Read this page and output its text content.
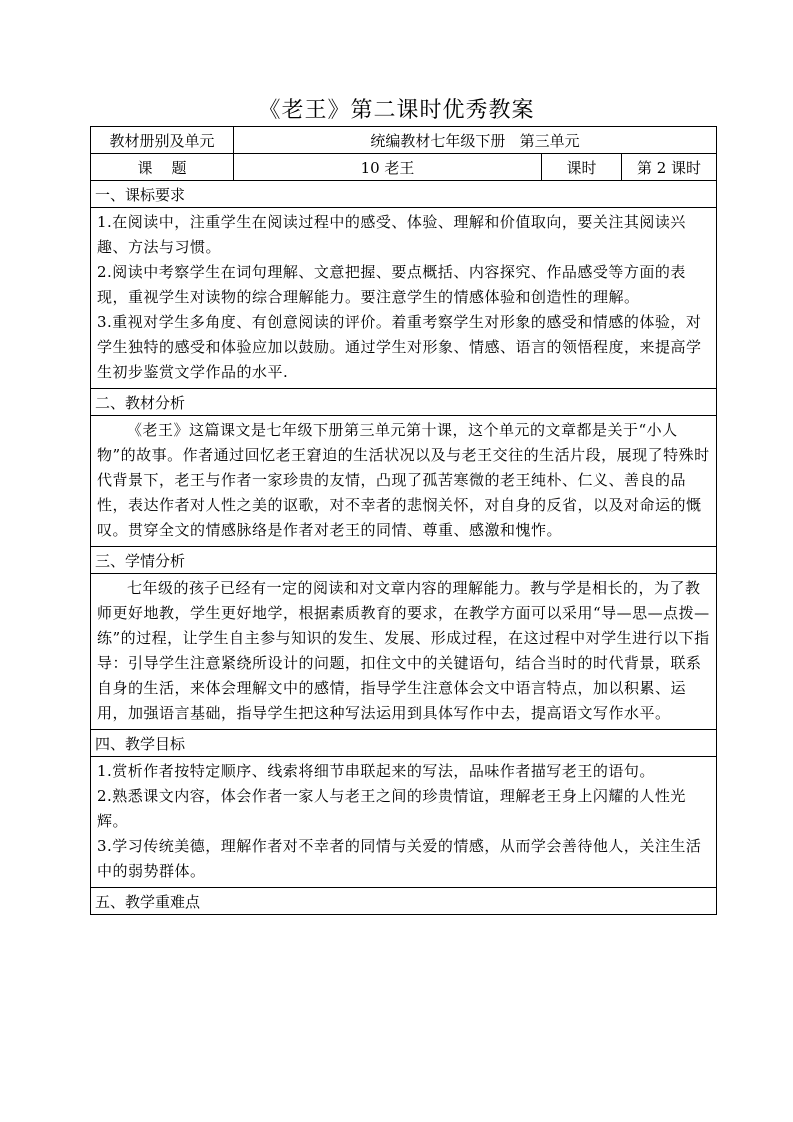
《老王》第二课时优秀教案
教材册别及单元	统编教材七年级下册   第三单元		
课    题	10 老王	课时	第 2 课时
一、课标要求			

1.在阅读中，注重学生在阅读过程中的感受、体验、理解和价值取向，要关注其阅读兴趣、方法与习惯。

2.阅读中考察学生在词句理解、文意把握、要点概括、内容探究、作品感受等方面的表现，重视学生对读物的综合理解能力。要注意学生的情感体验和创造性的理解。

3.重视对学生多角度、有创意阅读的评价。着重考察学生对形象的感受和情感的体验，对学生独特的感受和体验应加以鼓励。通过学生对形象、情感、语言的领悟程度，来提高学生初步鉴赏文学作品的水平.			

二、教材分析			

《老王》这篇课文是七年级下册第三单元第十课，这个单元的文章都是关于“小人物”的故事。作者通过回忆老王窘迫的生活状况以及与老王交往的生活片段，展现了特殊时代背景下，老王与作者一家珍贵的友情，凸现了孤苦寒微的老王纯朴、仁义、善良的品性，表达作者对人性之美的讴歌，对不幸者的悲悯关怀，对自身的反省，以及对命运的慨叹。贯穿全文的情感脉络是作者对老王的同情、尊重、感激和愧怍。			

三、学情分析			

七年级的孩子已经有一定的阅读和对文章内容的理解能力。教与学是相长的，为了教师更好地教，学生更好地学，根据素质教育的要求，在教学方面可以采用“导—思—点拨—练”的过程，让学生自主参与知识的发生、发展、形成过程，在这过程中对学生进行以下指导：引导学生注意紧绕所设计的问题，扣住文中的关键语句，结合当时的时代背景，联系自身的生活，来体会理解文中的感情，指导学生注意体会文中语言特点，加以积累、运用，加强语言基础，指导学生把这种写法运用到具体写作中去，提高语文写作水平。			

四、教学目标			

1.赏析作者按特定顺序、线索将细节串联起来的写法，品味作者描写老王的语句。

2.熟悉课文内容，体会作者一家人与老王之间的珍贵情谊，理解老王身上闪耀的人性光辉。

3.学习传统美德，理解作者对不幸者的同情与关爱的情感，从而学会善待他人，关注生活中的弱势群体。			

五、教学重难点			
